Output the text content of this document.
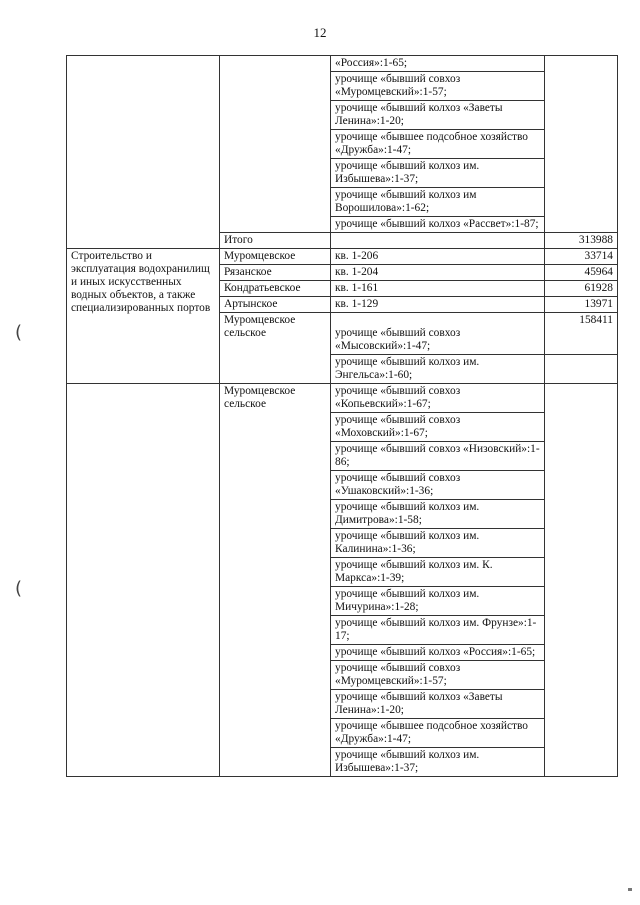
12
(
(
		«Россия»:1-65;	
		урочище «бывший совхоз «Муромцевский»:1-57;	
		урочище «бывший колхоз «Заветы Ленина»:1-20;	
		урочище «бывшее подсобное хозяйство «Дружба»:1-47;	
		урочище «бывший колхоз им. Избышева»:1-37;	
		урочище «бывший колхоз им Ворошилова»:1-62;	
		урочище «бывший колхоз «Рассвет»:1-87;	
	Итого		313988
Строительство и эксплуатация водохранилищ и иных искусственных водных объектов, а также специализированных портов	Муромцевское	кв. 1-206	33714
	Рязанское	кв. 1-204	45964
	Кондратьевское	кв. 1-161	61928
	Артынское	кв. 1-129	13971
	Муромцевское сельское	урочище «бывший совхоз «Мысовский»:1-47;	158411
		урочище «бывший колхоз им. Энгельса»:1-60;	
	Муромцевское сельское	урочище «бывший совхоз «Копьевский»:1-67;	
		урочище «бывший совхоз «Моховский»:1-67;	
		урочище «бывший совхоз «Низовский»:1-86;	
		урочище «бывший совхоз «Ушаковский»:1-36;	
		урочище «бывший колхоз им. Димитрова»:1-58;	
		урочище «бывший колхоз им. Калинина»:1-36;	
		урочище «бывший колхоз им. К. Маркса»:1-39;	
		урочище «бывший колхоз им. Мичурина»:1-28;	
		урочище «бывший колхоз им. Фрунзе»:1-17;	
		урочище «бывший колхоз «Россия»:1-65;	
		урочище «бывший совхоз «Муромцевский»:1-57;	
		урочище «бывший колхоз «Заветы Ленина»:1-20;	
		урочище «бывшее подсобное хозяйство «Дружба»:1-47;	
		урочище «бывший колхоз им. Избышева»:1-37;	
